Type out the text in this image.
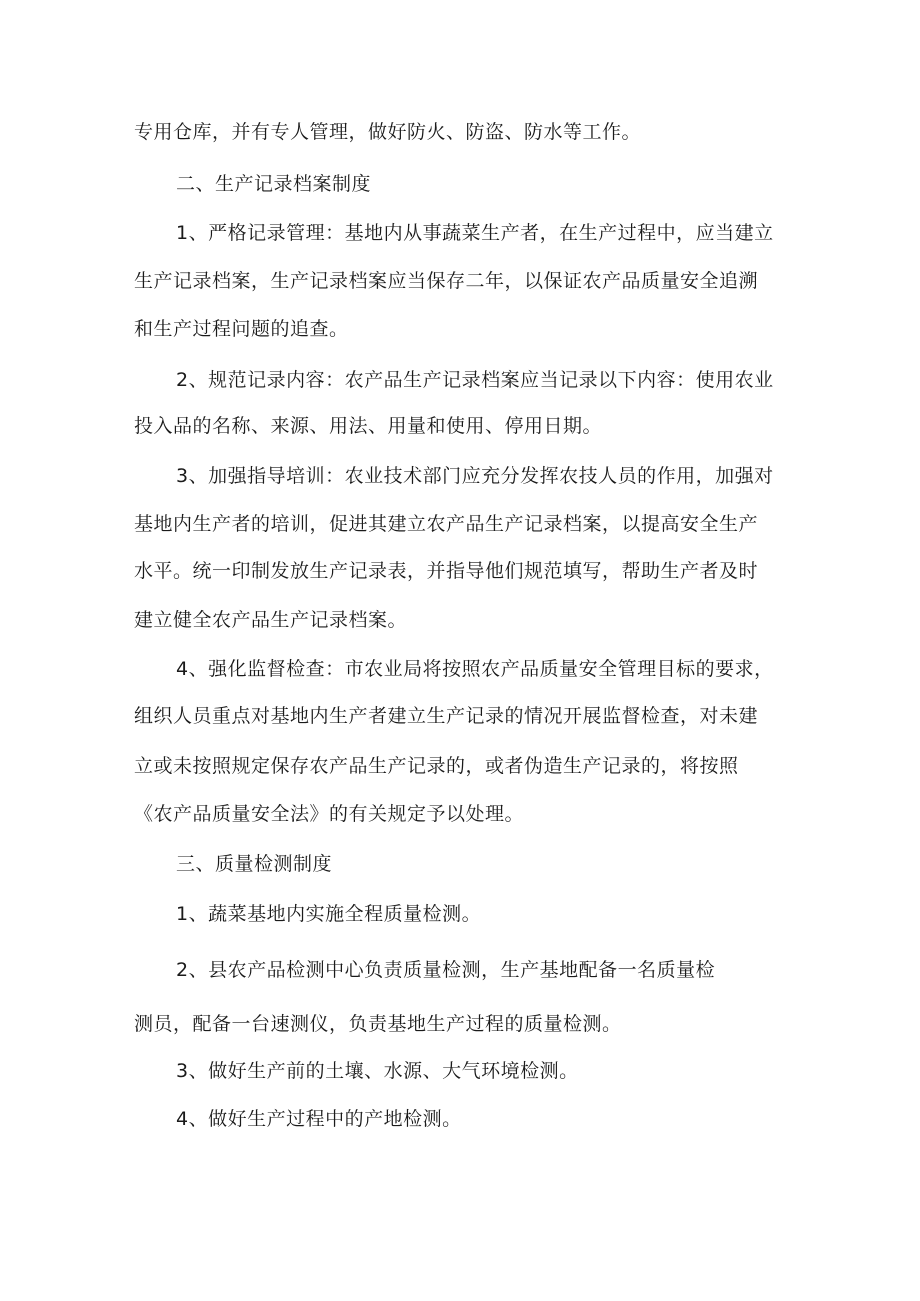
专用仓库，并有专人管理，做好防火、防盗、防水等工作。

二、生产记录档案制度

1、严格记录管理：基地内从事蔬菜生产者，在生产过程中，应当建立

生产记录档案，生产记录档案应当保存二年，以保证农产品质量安全追溯

和生产过程问题的追查。

2、规范记录内容：农产品生产记录档案应当记录以下内容：使用农业

投入品的名称、来源、用法、用量和使用、停用日期。

3、加强指导培训：农业技术部门应充分发挥农技人员的作用，加强对

基地内生产者的培训，促进其建立农产品生产记录档案，以提高安全生产

水平。统一印制发放生产记录表，并指导他们规范填写，帮助生产者及时

建立健全农产品生产记录档案。

4、强化监督检查：市农业局将按照农产品质量安全管理目标的要求，

组织人员重点对基地内生产者建立生产记录的情况开展监督检查，对未建

立或未按照规定保存农产品生产记录的，或者伪造生产记录的，将按照

《农产品质量安全法》的有关规定予以处理。

三、质量检测制度

1、蔬菜基地内实施全程质量检测。

2、县农产品检测中心负责质量检测，生产基地配备一名质量检

测员，配备一台速测仪，负责基地生产过程的质量检测。

3、做好生产前的土壤、水源、大气环境检测。

4、做好生产过程中的产地检测。
